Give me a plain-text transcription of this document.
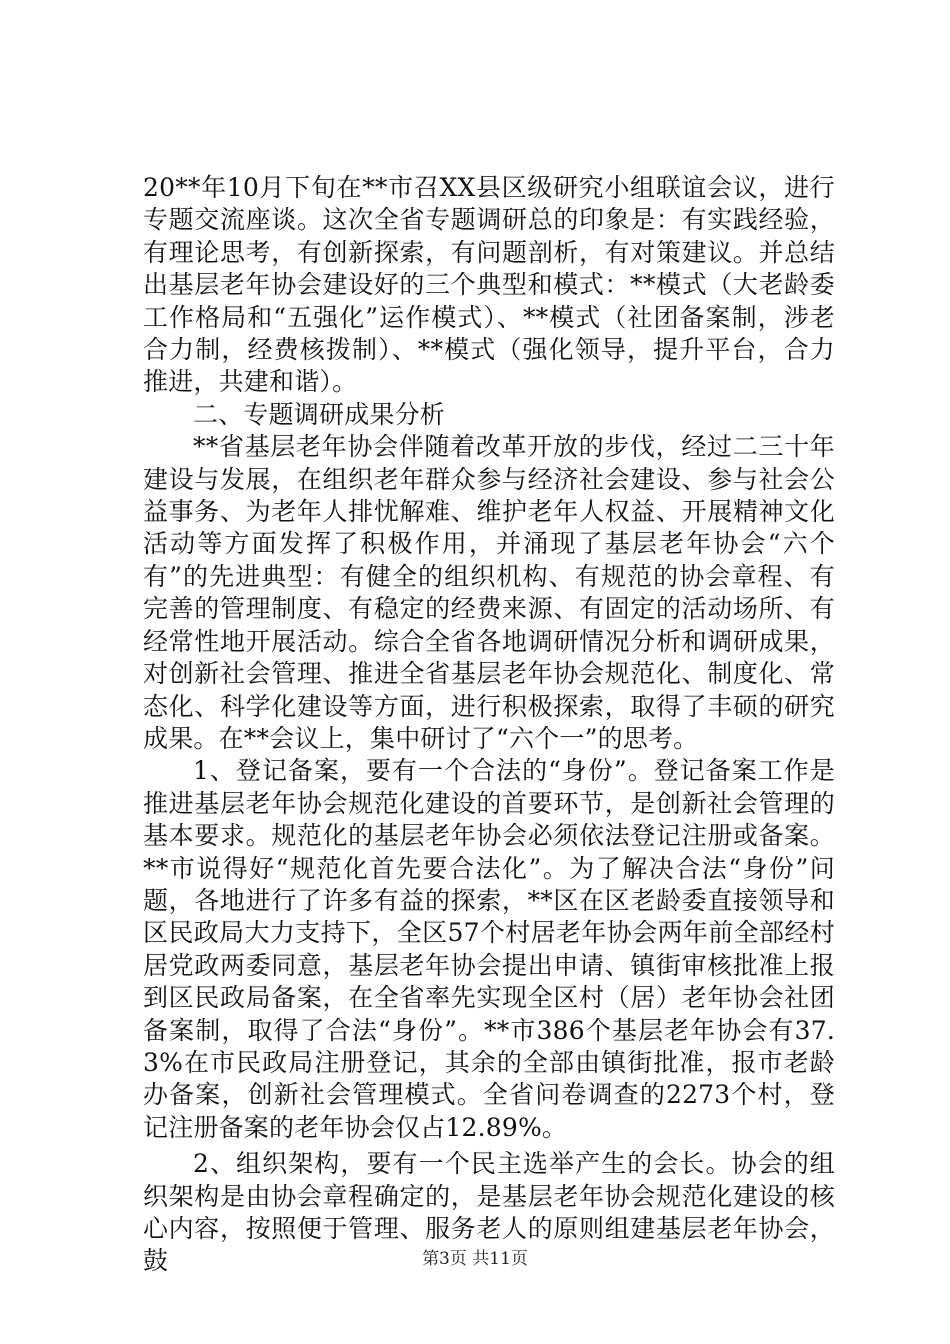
20**年10月下旬在**市召XX县区级研究小组联谊会议，进行专题交流座谈。这次全省专题调研总的印象是：有实践经验，有理论思考，有创新探索，有问题剖析，有对策建议。并总结出基层老年协会建设好的三个典型和模式：**模式（大老龄委工作格局和“五强化”运作模式）、**模式（社团备案制，涉老合力制，经费核拨制）、**模式（强化领导，提升平台，合力推进，共建和谐）。

二、专题调研成果分析

**省基层老年协会伴随着改革开放的步伐，经过二三十年建设与发展，在组织老年群众参与经济社会建设、参与社会公益事务、为老年人排忧解难、维护老年人权益、开展精神文化活动等方面发挥了积极作用，并涌现了基层老年协会“六个有”的先进典型：有健全的组织机构、有规范的协会章程、有完善的管理制度、有稳定的经费来源、有固定的活动场所、有经常性地开展活动。综合全省各地调研情况分析和调研成果，对创新社会管理、推进全省基层老年协会规范化、制度化、常态化、科学化建设等方面，进行积极探索，取得了丰硕的研究成果。在**会议上，集中研讨了“六个一”的思考。

1、登记备案，要有一个合法的“身份”。登记备案工作是推进基层老年协会规范化建设的首要环节，是创新社会管理的基本要求。规范化的基层老年协会必须依法登记注册或备案。**市说得好“规范化首先要合法化”。为了解决合法“身份”问题，各地进行了许多有益的探索，**区在区老龄委直接领导和区民政局大力支持下，全区57个村居老年协会两年前全部经村居党政两委同意，基层老年协会提出申请、镇街审核批准上报到区民政局备案，在全省率先实现全区村（居）老年协会社团备案制，取得了合法“身份”。**市386个基层老年协会有37.3%在市民政局注册登记，其余的全部由镇街批准，报市老龄办备案，创新社会管理模式。全省问卷调查的2273个村，登记注册备案的老年协会仅占12.89%。

2、组织架构，要有一个民主选举产生的会长。协会的组织架构是由协会章程确定的，是基层老年协会规范化建设的核心内容，按照便于管理、服务老人的原则组建基层老年协会，鼓	第3页 共11页
